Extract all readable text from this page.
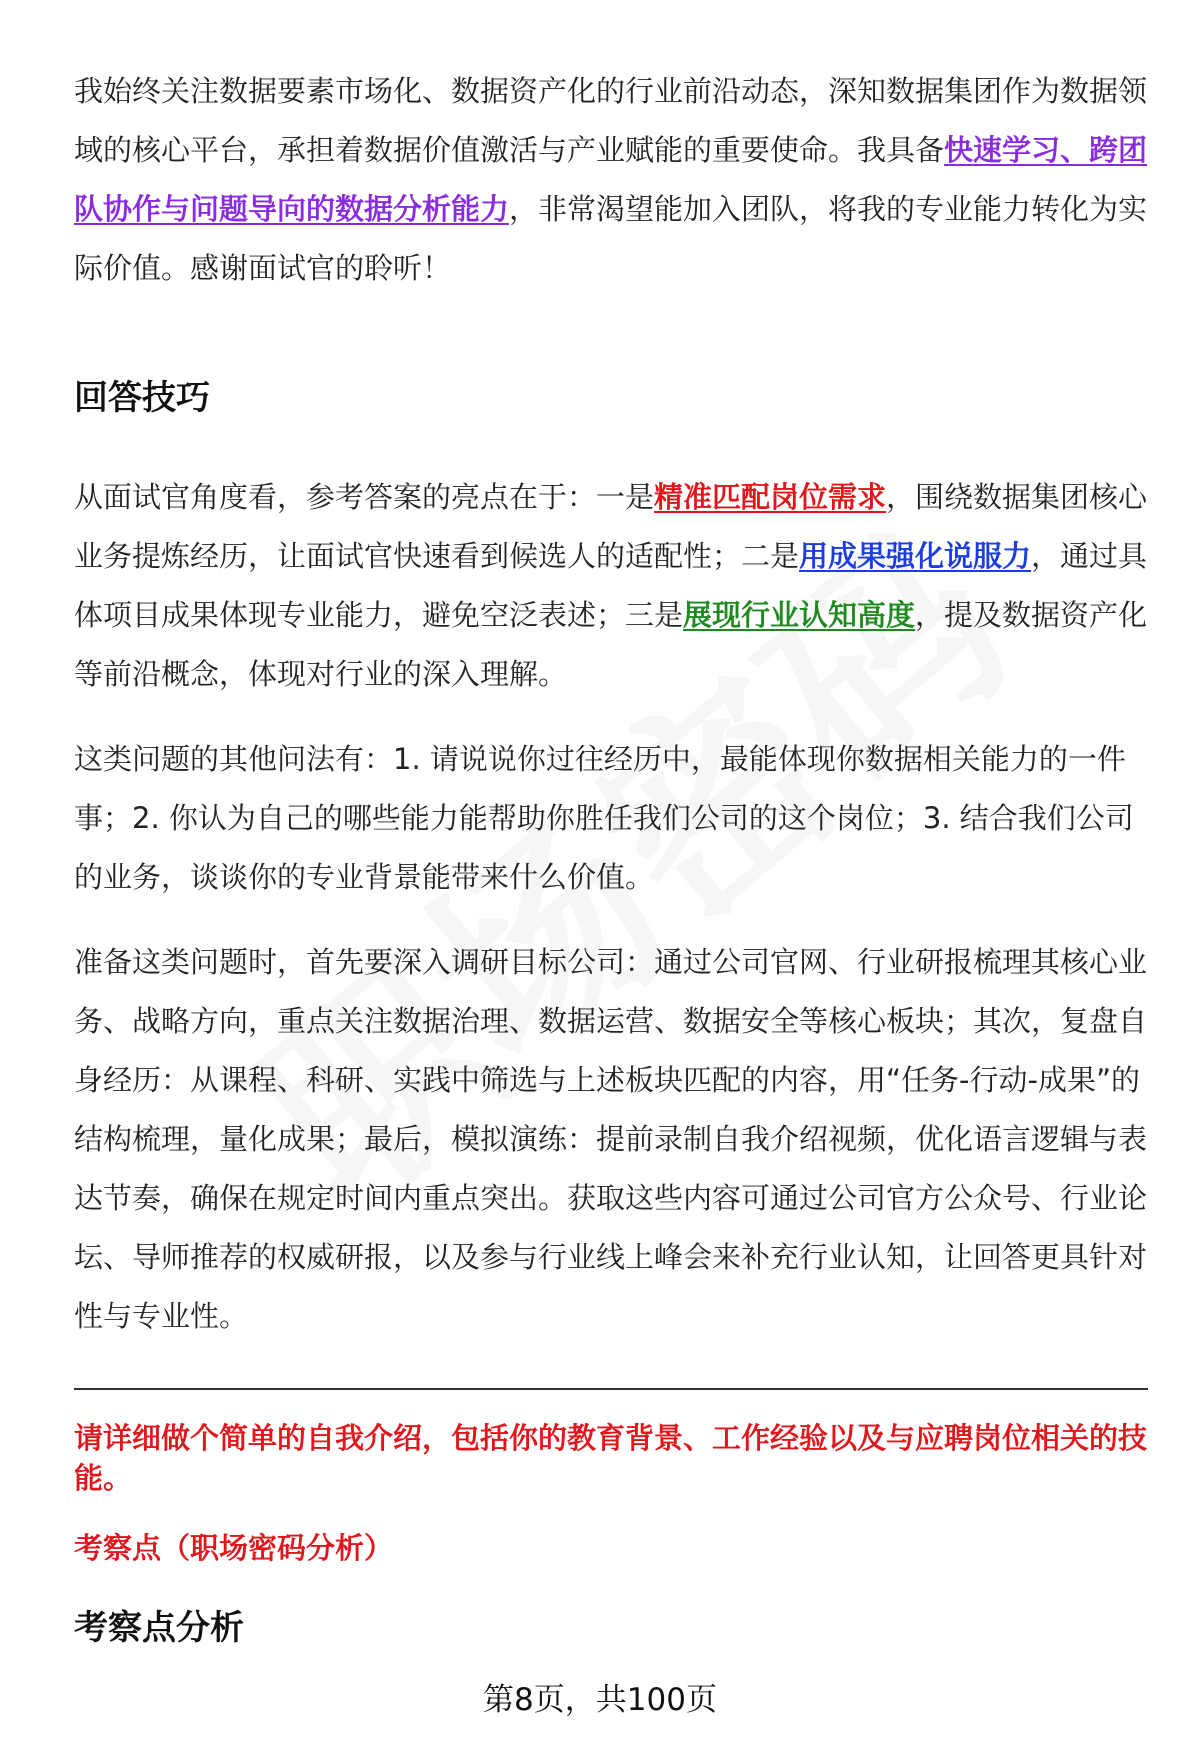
我始终关注数据要素市场化、数据资产化的行业前沿动态，深知数据集团作为数据领域的核心平台，承担着数据价值激活与产业赋能的重要使命。我具备快速学习、跨团队协作与问题导向的数据分析能力，非常渴望能加入团队，将我的专业能力转化为实际价值。感谢面试官的聆听！

回答技巧

从面试官角度看，参考答案的亮点在于：一是精准匹配岗位需求，围绕数据集团核心业务提炼经历，让面试官快速看到候选人的适配性；二是用成果强化说服力，通过具体项目成果体现专业能力，避免空泛表述；三是展现行业认知高度，提及数据资产化等前沿概念，体现对行业的深入理解。

这类问题的其他问法有：1. 请说说你过往经历中，最能体现你数据相关能力的一件事；2. 你认为自己的哪些能力能帮助你胜任我们公司的这个岗位；3. 结合我们公司的业务，谈谈你的专业背景能带来什么价值。

准备这类问题时，首先要深入调研目标公司：通过公司官网、行业研报梳理其核心业务、战略方向，重点关注数据治理、数据运营、数据安全等核心板块；其次，复盘自身经历：从课程、科研、实践中筛选与上述板块匹配的内容，用“任务-行动-成果”的结构梳理，量化成果；最后，模拟演练：提前录制自我介绍视频，优化语言逻辑与表达节奏，确保在规定时间内重点突出。获取这些内容可通过公司官方公众号、行业论坛、导师推荐的权威研报，以及参与行业线上峰会来补充行业认知，让回答更具针对性与专业性。

请详细做个简单的自我介绍，包括你的教育背景、工作经验以及与应聘岗位相关的技能。

考察点（职场密码分析）

考察点分析
第8页，共100页
